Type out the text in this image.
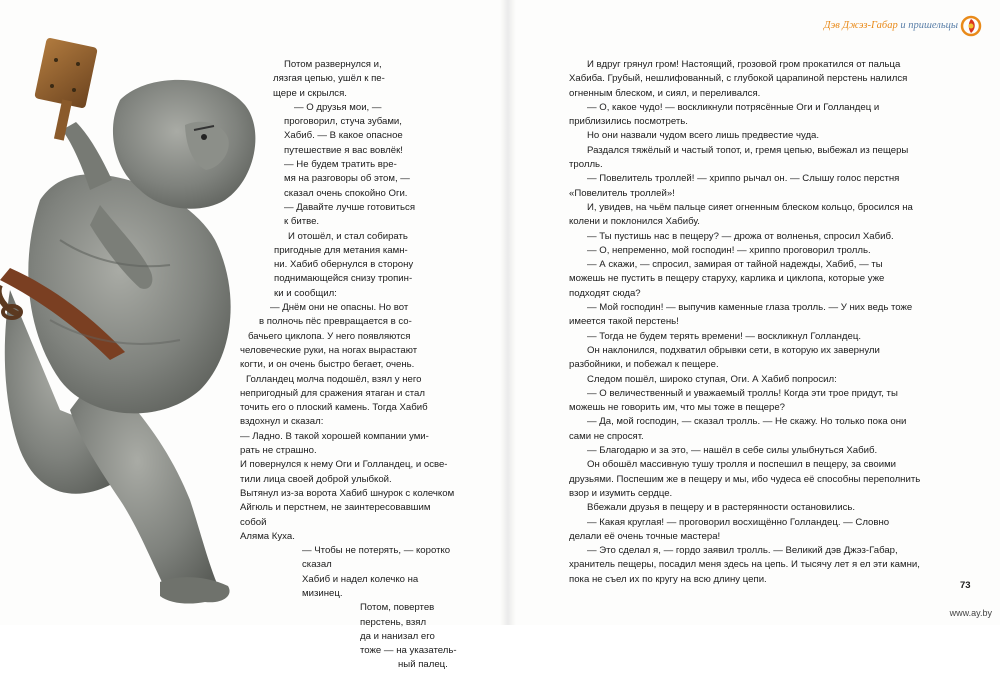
Дэв Джэз-Габар и пришельцы

Потом развернулся и,

лязгая цепью, ушёл к пе-

щере и скрылся.

— О друзья мои, —

проговорил, стуча зубами,

Хабиб. — В какое опасное

путешествие я вас вовлёк!

— Не будем тратить вре-

мя на разговоры об этом, —

сказал очень спокойно Оги.

— Давайте лучше готовиться

к битве.

И отошёл, и стал собирать

пригодные для метания камн-

ни. Хабиб обернулся в сторону

поднимающейся снизу тропин-

ки и сообщил:

— Днём они не опасны. Но вот

в полночь пёс превращается в со-

бачьего циклопа. У него появляются

человеческие руки, на ногах вырастают

когти, и он очень быстро бегает, очень.

Голландец молча подошёл, взял у него

непригодный для сражения ятаган и стал

точить его о плоский камень. Тогда Хабиб

вздохнул и сказал:

— Ладно. В такой хорошей компании уми-

рать не страшно.

И повернулся к нему Оги и Голландец, и осве-

тили лица своей доброй улыбкой.

Вытянул из-за ворота Хабиб шнурок с колечком

Айгюль и перстнем, не заинтересовавшим собой

Аляма Куха.

— Чтобы не потерять, — коротко сказал

Хабиб и надел колечко на мизинец.

Потом, повертев перстень, взял

да и нанизал его тоже — на указатель-

ный палец.

И вдруг грянул гром! Настоящий, грозовой гром прокатился от пальца Хабиба. Грубый, нешлифованный, с глубокой царапиной перстень налился огненным блеском, и сиял, и переливался.

— О, какое чудо! — воскликнули потрясённые Оги и Голландец и приблизились посмотреть.

Но они назвали чудом всего лишь предвестие чуда.

Раздался тяжёлый и частый топот, и, гремя цепью, выбежал из пещеры тролль.

— Повелитель троллей! — хриппо рычал он. — Слышу голос перстня «Повелитель троллей»!

И, увидев, на чьём пальце сияет огненным блеском кольцо, бросился на колени и поклонился Хабибу.

— Ты пустишь нас в пещеру? — дрожа от волненья, спросил Хабиб.

— О, непременно, мой господин! — хриппо проговорил тролль.

— А скажи, — спросил, замирая от тайной надежды, Хабиб, — ты можешь не пустить в пещеру старуху, карлика и циклопа, которые уже подходят сюда?

— Мой господин! — выпучив каменные глаза тролль. — У них ведь тоже имеется такой перстень!

— Тогда не будем терять времени! — воскликнул Голландец.

Он наклонился, подхватил обрывки сети, в которую их завернули разбойники, и побежал к пещере.

Следом пошёл, широко ступая, Оги. А Хабиб попросил:

— О величественный и уважаемый тролль! Когда эти трое придут, ты можешь не говорить им, что мы тоже в пещере?

— Да, мой господин, — сказал тролль. — Не скажу. Но только пока они сами не спросят.

— Благодарю и за это, — нашёл в себе силы улыбнуться Хабиб.

Он обошёл массивную тушу тролля и поспешил в пещеру, за своими друзьями. Поспешим же в пещеру и мы, ибо чудеса её способны переполнить взор и изумить сердце.

Вбежали друзья в пещеру и в растерянности остановились.

— Какая круглая! — проговорил восхищённо Голландец. — Словно делали её очень точные мастера!

— Это сделал я, — гордо заявил тролль. — Великий дэв Джэз-Габар, хранитель пещеры, посадил меня здесь на цепь. И тысячу лет я ел эти камни, пока не съел их по кругу на всю длину цепи.

73
www.ay.by
